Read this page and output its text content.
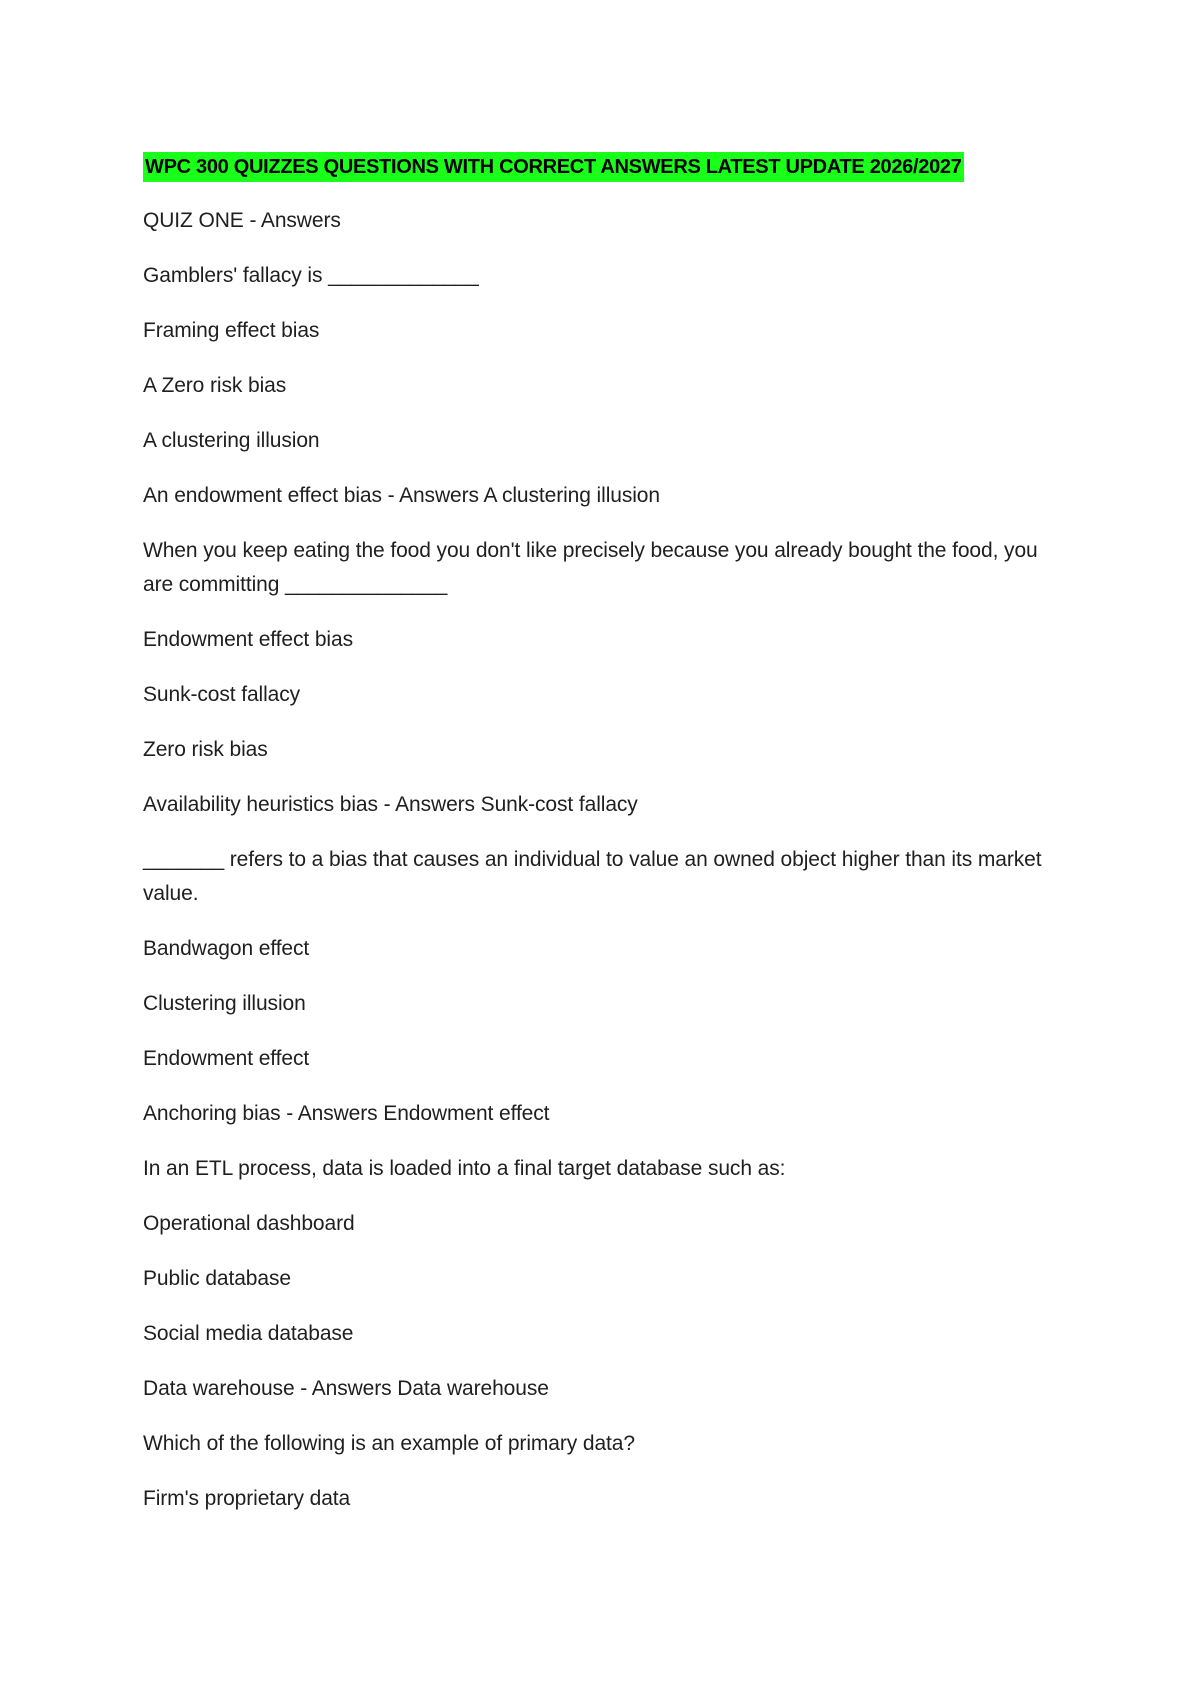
WPC 300 QUIZZES QUESTIONS WITH CORRECT ANSWERS LATEST UPDATE 2026/2027
QUIZ ONE - Answers
Gamblers' fallacy is _____________
Framing effect bias
A Zero risk bias
A clustering illusion
An endowment effect bias - Answers A clustering illusion
When you keep eating the food you don't like precisely because you already bought the food, you are committing ______________
Endowment effect bias
Sunk-cost fallacy
Zero risk bias
Availability heuristics bias - Answers Sunk-cost fallacy
_______ refers to a bias that causes an individual to value an owned object higher than its market value.
Bandwagon effect
Clustering illusion
Endowment effect
Anchoring bias - Answers Endowment effect
In an ETL process, data is loaded into a final target database such as:
Operational dashboard
Public database
Social media database
Data warehouse - Answers Data warehouse
Which of the following is an example of primary data?
Firm's proprietary data
